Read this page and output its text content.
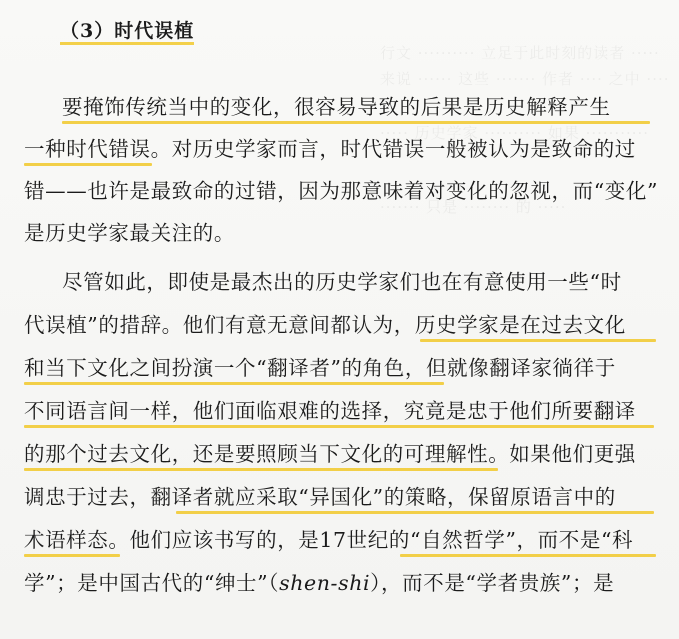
行文 ·········· 立足于此时刻的读者 ·····
来说 ······ 这些 ······· 作者 ···· 之中 ····
····· 历史学家 ·········· 如果 ···········
······· 只是 ········ 的 ·····
（3）时代误植
要掩饰传统当中的变化，很容易导致的后果是历史解释产生
一种时代错误。对历史学家而言，时代错误一般被认为是致命的过
错——也许是最致命的过错，因为那意味着对变化的忽视，而“变化”
是历史学家最关注的。
尽管如此，即使是最杰出的历史学家们也在有意使用一些“时
代误植”的措辞。他们有意无意间都认为，历史学家是在过去文化
和当下文化之间扮演一个“翻译者”的角色，但就像翻译家徜徉于
不同语言间一样，他们面临艰难的选择，究竟是忠于他们所要翻译
的那个过去文化，还是要照顾当下文化的可理解性。如果他们更强
调忠于过去，翻译者就应采取“异国化”的策略，保留原语言中的
术语样态。他们应该书写的，是17世纪的“自然哲学”，而不是“科
学”；是中国古代的“绅士”（shen-shi），而不是“学者贵族”；是
